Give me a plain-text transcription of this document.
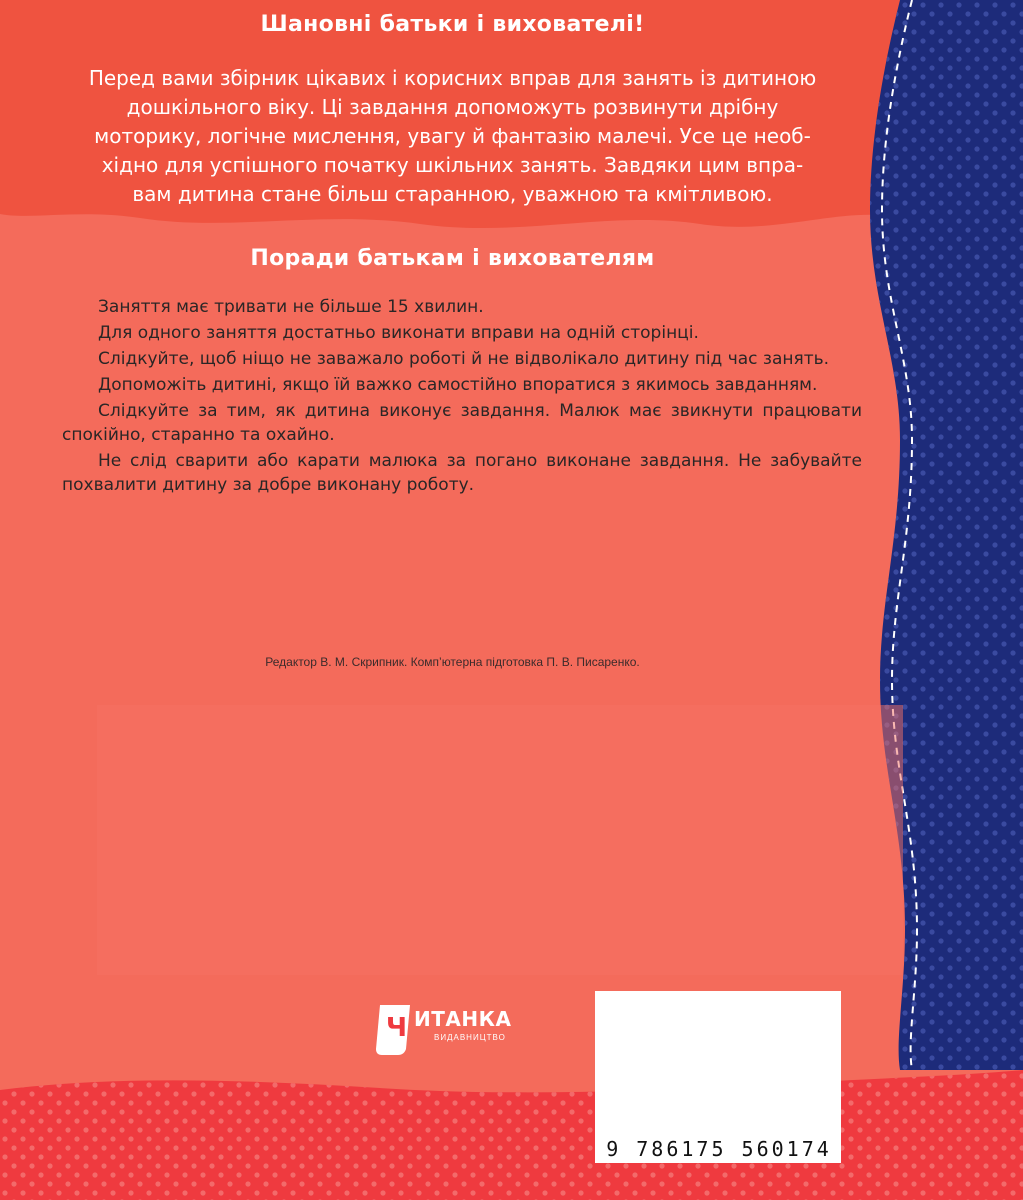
Ч
Шановні батьки і вихователі!
Перед вами збірник цікавих і корисних вправ для занять із дитиною
дошкільного віку. Ці завдання допоможуть розвинути дрібну
моторику, логічне мислення, увагу й фантазію малечі. Усе це необ-
хідно для успішного початку шкільних занять. Завдяки цим впра-
вам дитина стане більш старанною, уважною та кмітливою.
Поради батькам і вихователям

Заняття має тривати не більше 15 хвилин.

Для одного заняття достатньо виконати вправи на одній сторінці.

Слідкуйте, щоб ніщо не заважало роботі й не відволікало дитину під час занять.

Допоможіть дитині, якщо їй важко самостійно впоратися з якимось завданням.

Слідкуйте за тим, як дитина виконує завдання. Малюк має звикнути працювати спокійно, старанно та охайно.

Не слід сварити або карати малюка за погано виконане завдання. Не забувайте похвалити дитину за добре виконану роботу.

Редактор В. М. Скрипник. Комп’ютерна підготовка П. В. Писаренко.
ИТАНКА
ВИДАВНИЦТВО
9 786175 560174
